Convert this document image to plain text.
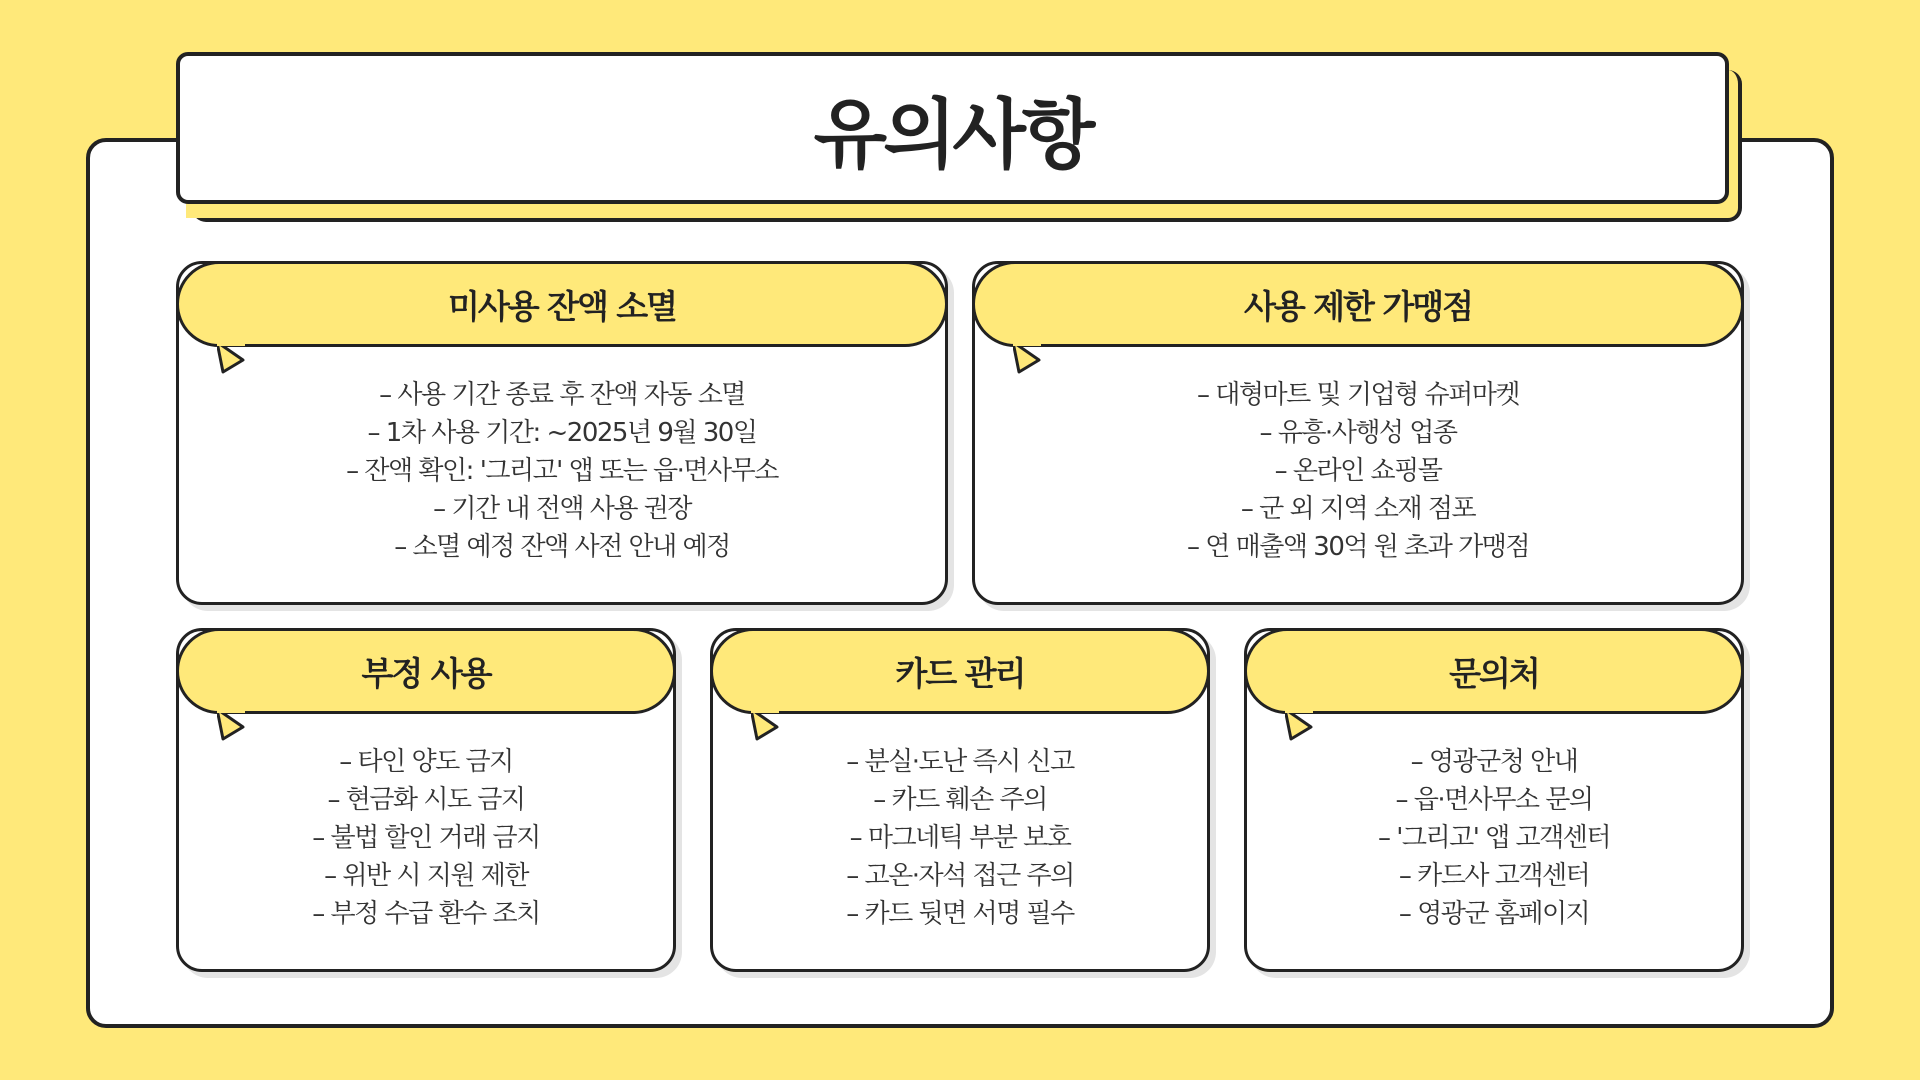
유의사항
미사용 잔액 소멸
– 사용 기간 종료 후 잔액 자동 소멸
– 1차 사용 기간: ~2025년 9월 30일
– 잔액 확인: '그리고' 앱 또는 읍·면사무소
– 기간 내 전액 사용 권장
– 소멸 예정 잔액 사전 안내 예정
사용 제한 가맹점
– 대형마트 및 기업형 슈퍼마켓
– 유흥·사행성 업종
– 온라인 쇼핑몰
– 군 외 지역 소재 점포
– 연 매출액 30억 원 초과 가맹점
부정 사용
– 타인 양도 금지
– 현금화 시도 금지
– 불법 할인 거래 금지
– 위반 시 지원 제한
– 부정 수급 환수 조치
카드 관리
– 분실·도난 즉시 신고
– 카드 훼손 주의
– 마그네틱 부분 보호
– 고온·자석 접근 주의
– 카드 뒷면 서명 필수
문의처
– 영광군청 안내
– 읍·면사무소 문의
– '그리고' 앱 고객센터
– 카드사 고객센터
– 영광군 홈페이지
